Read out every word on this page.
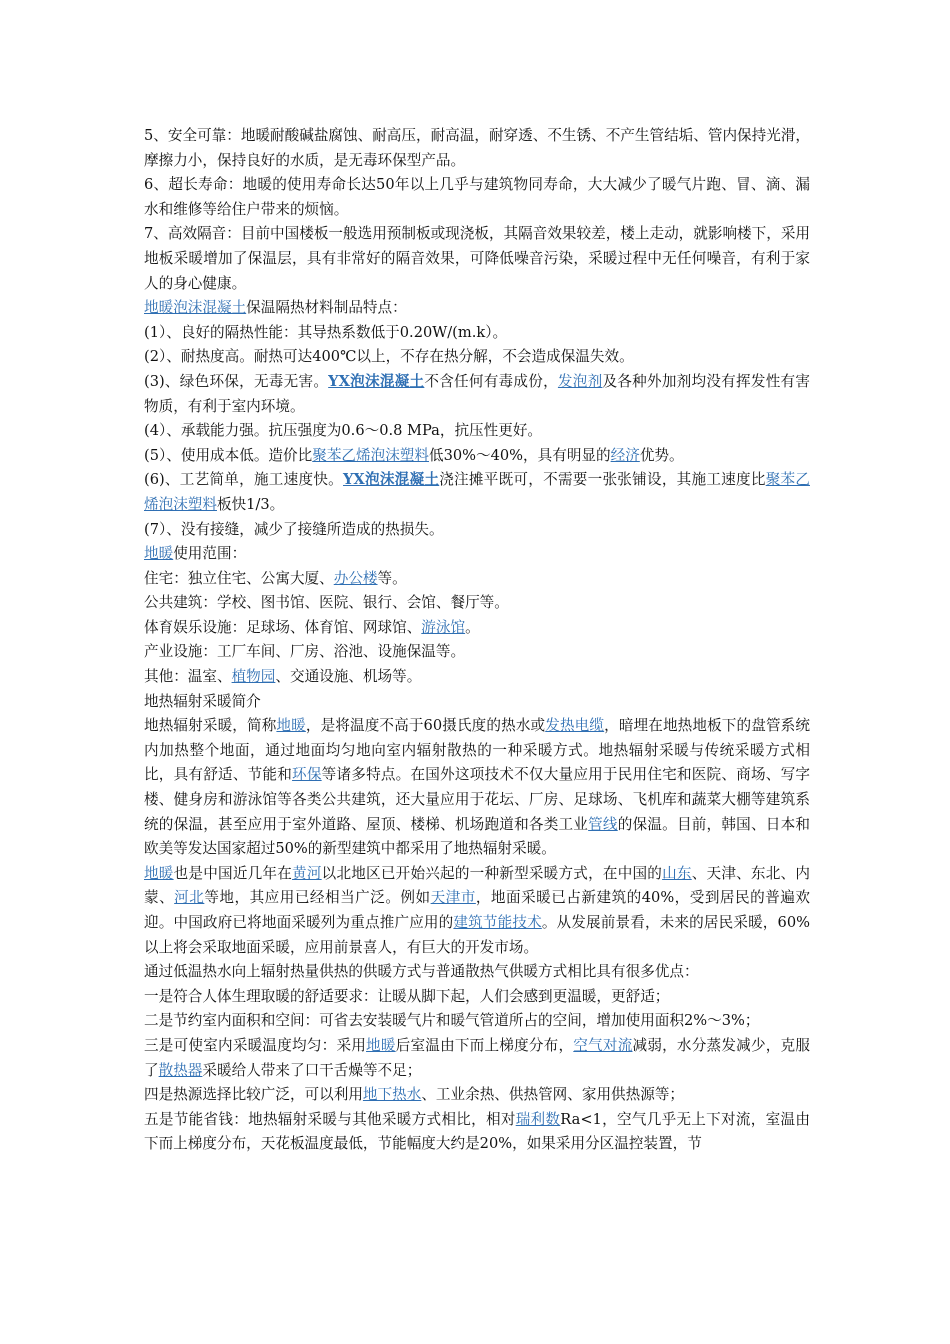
5、安全可靠：地暖耐酸碱盐腐蚀、耐高压，耐高温，耐穿透、不生锈、不产生管结垢、管内保持光滑，摩擦力小，保持良好的水质，是无毒环保型产品。

6、超长寿命：地暖的使用寿命长达50年以上几乎与建筑物同寿命，大大减少了暖气片跑、冒、滴、漏水和维修等给住户带来的烦恼。

7、高效隔音：目前中国楼板一般选用预制板或现浇板，其隔音效果较差，楼上走动，就影响楼下，采用地板采暖增加了保温层，具有非常好的隔音效果，可降低噪音污染，采暖过程中无任何噪音，有利于家人的身心健康。

地暖泡沫混凝土保温隔热材料制品特点：

(1）、良好的隔热性能：其导热系数低于0.20W/(m.k）。

(2）、耐热度高。耐热可达400℃以上，不存在热分解，不会造成保温失效。

(3)、绿色环保，无毒无害。YX泡沫混凝土不含任何有毒成份，发泡剂及各种外加剂均没有挥发性有害物质，有利于室内环境。

(4）、承载能力强。抗压强度为0.6～0.8 MPa，抗压性更好。

(5）、使用成本低。造价比聚苯乙烯泡沫塑料低30%～40%，具有明显的经济优势。

(6)、工艺简单，施工速度快。YX泡沫混凝土浇注摊平既可，不需要一张张铺设，其施工速度比聚苯乙烯泡沫塑料板快1/3。

(7）、没有接缝，减少了接缝所造成的热损失。

地暖使用范围：

住宅：独立住宅、公寓大厦、办公楼等。

公共建筑：学校、图书馆、医院、银行、会馆、餐厅等。

体育娱乐设施：足球场、体育馆、网球馆、游泳馆。

产业设施：工厂车间、厂房、浴池、设施保温等。

其他：温室、植物园、交通设施、机场等。

地热辐射采暖简介

地热辐射采暖，简称地暖，是将温度不高于60摄氏度的热水或发热电缆，暗埋在地热地板下的盘管系统内加热整个地面，通过地面均匀地向室内辐射散热的一种采暖方式。地热辐射采暖与传统采暖方式相比，具有舒适、节能和环保等诸多特点。在国外这项技术不仅大量应用于民用住宅和医院、商场、写字楼、健身房和游泳馆等各类公共建筑，还大量应用于花坛、厂房、足球场、飞机库和蔬菜大棚等建筑系统的保温，甚至应用于室外道路、屋顶、楼梯、机场跑道和各类工业管线的保温。目前，韩国、日本和欧美等发达国家超过50%的新型建筑中都采用了地热辐射采暖。

地暖也是中国近几年在黄河以北地区已开始兴起的一种新型采暖方式，在中国的山东、天津、东北、内蒙、河北等地，其应用已经相当广泛。例如天津市，地面采暖已占新建筑的40%，受到居民的普遍欢迎。中国政府已将地面采暖列为重点推广应用的建筑节能技术。从发展前景看，未来的居民采暖，60%以上将会采取地面采暖，应用前景喜人，有巨大的开发市场。

通过低温热水向上辐射热量供热的供暖方式与普通散热气供暖方式相比具有很多优点：

一是符合人体生理取暖的舒适要求：让暖从脚下起，人们会感到更温暖，更舒适；

二是节约室内面积和空间：可省去安装暖气片和暖气管道所占的空间，增加使用面积2%～3%；

三是可使室内采暖温度均匀：采用地暖后室温由下而上梯度分布，空气对流减弱，水分蒸发减少，克服了散热器采暖给人带来了口干舌燥等不足；

四是热源选择比较广泛，可以利用地下热水、工业余热、供热管网、家用供热源等；

五是节能省钱：地热辐射采暖与其他采暖方式相比，相对瑞利数Ra<1，空气几乎无上下对流，室温由下而上梯度分布，天花板温度最低，节能幅度大约是20%，如果采用分区温控装置，节
